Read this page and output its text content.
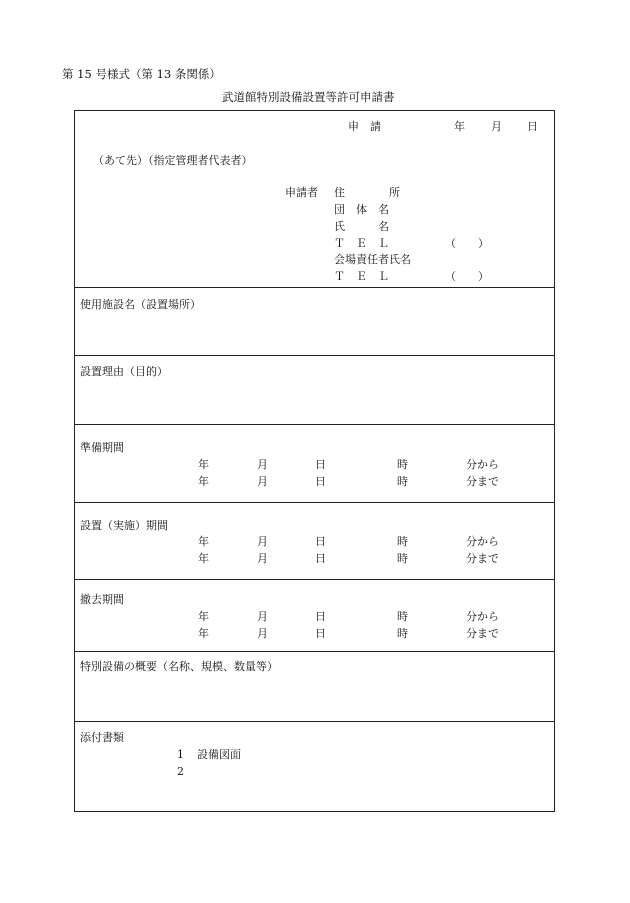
第 15 号様式（第 13 条関係）
武道館特別設備設置等許可申請書
申　請	年 月 日
（あて先）（指定管理者代表者）
申請者 住　　　　所
団　体　名
氏　　　名
Ｔ　Ｅ　Ｌ	（　　）
会場責任者氏名
Ｔ　Ｅ　Ｌ	（　　）
使用施設名（設置場所）
設置理由（目的）
準備期間
年	月	日	時	分から
年	月	日	時	分まで
設置（実施）期間
年	月	日	時	分から
年	月	日	時	分まで
撤去期間
年	月	日	時	分から
年	月	日	時	分まで
特別設備の概要（名称、規模、数量等）
添付書類
1 設備図面
2
